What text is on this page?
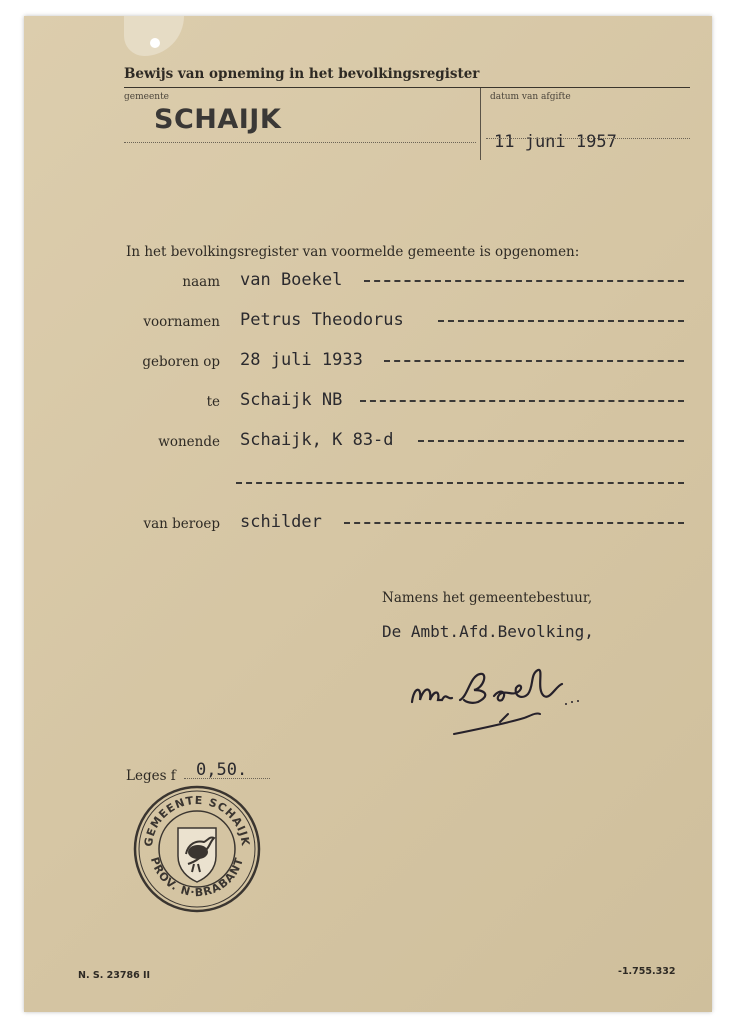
Bewijs van opneming in het bevolkingsregister
gemeente
SCHAIJK
datum van afgifte
11 juni 1957
In het bevolkingsregister van voormelde gemeente is opgenomen:
naam van Boekel
voornamen Petrus Theodorus
geboren op 28 juli 1933
te Schaijk NB
wonende Schaijk, K 83-d
van beroep schilder
Namens het gemeentebestuur,
De Ambt.Afd.Bevolking,
Leges f 0,50.
GEMEENTE SCHAIJK
PROV. N·BRABANT
N. S. 23786 II	-1.755.332
